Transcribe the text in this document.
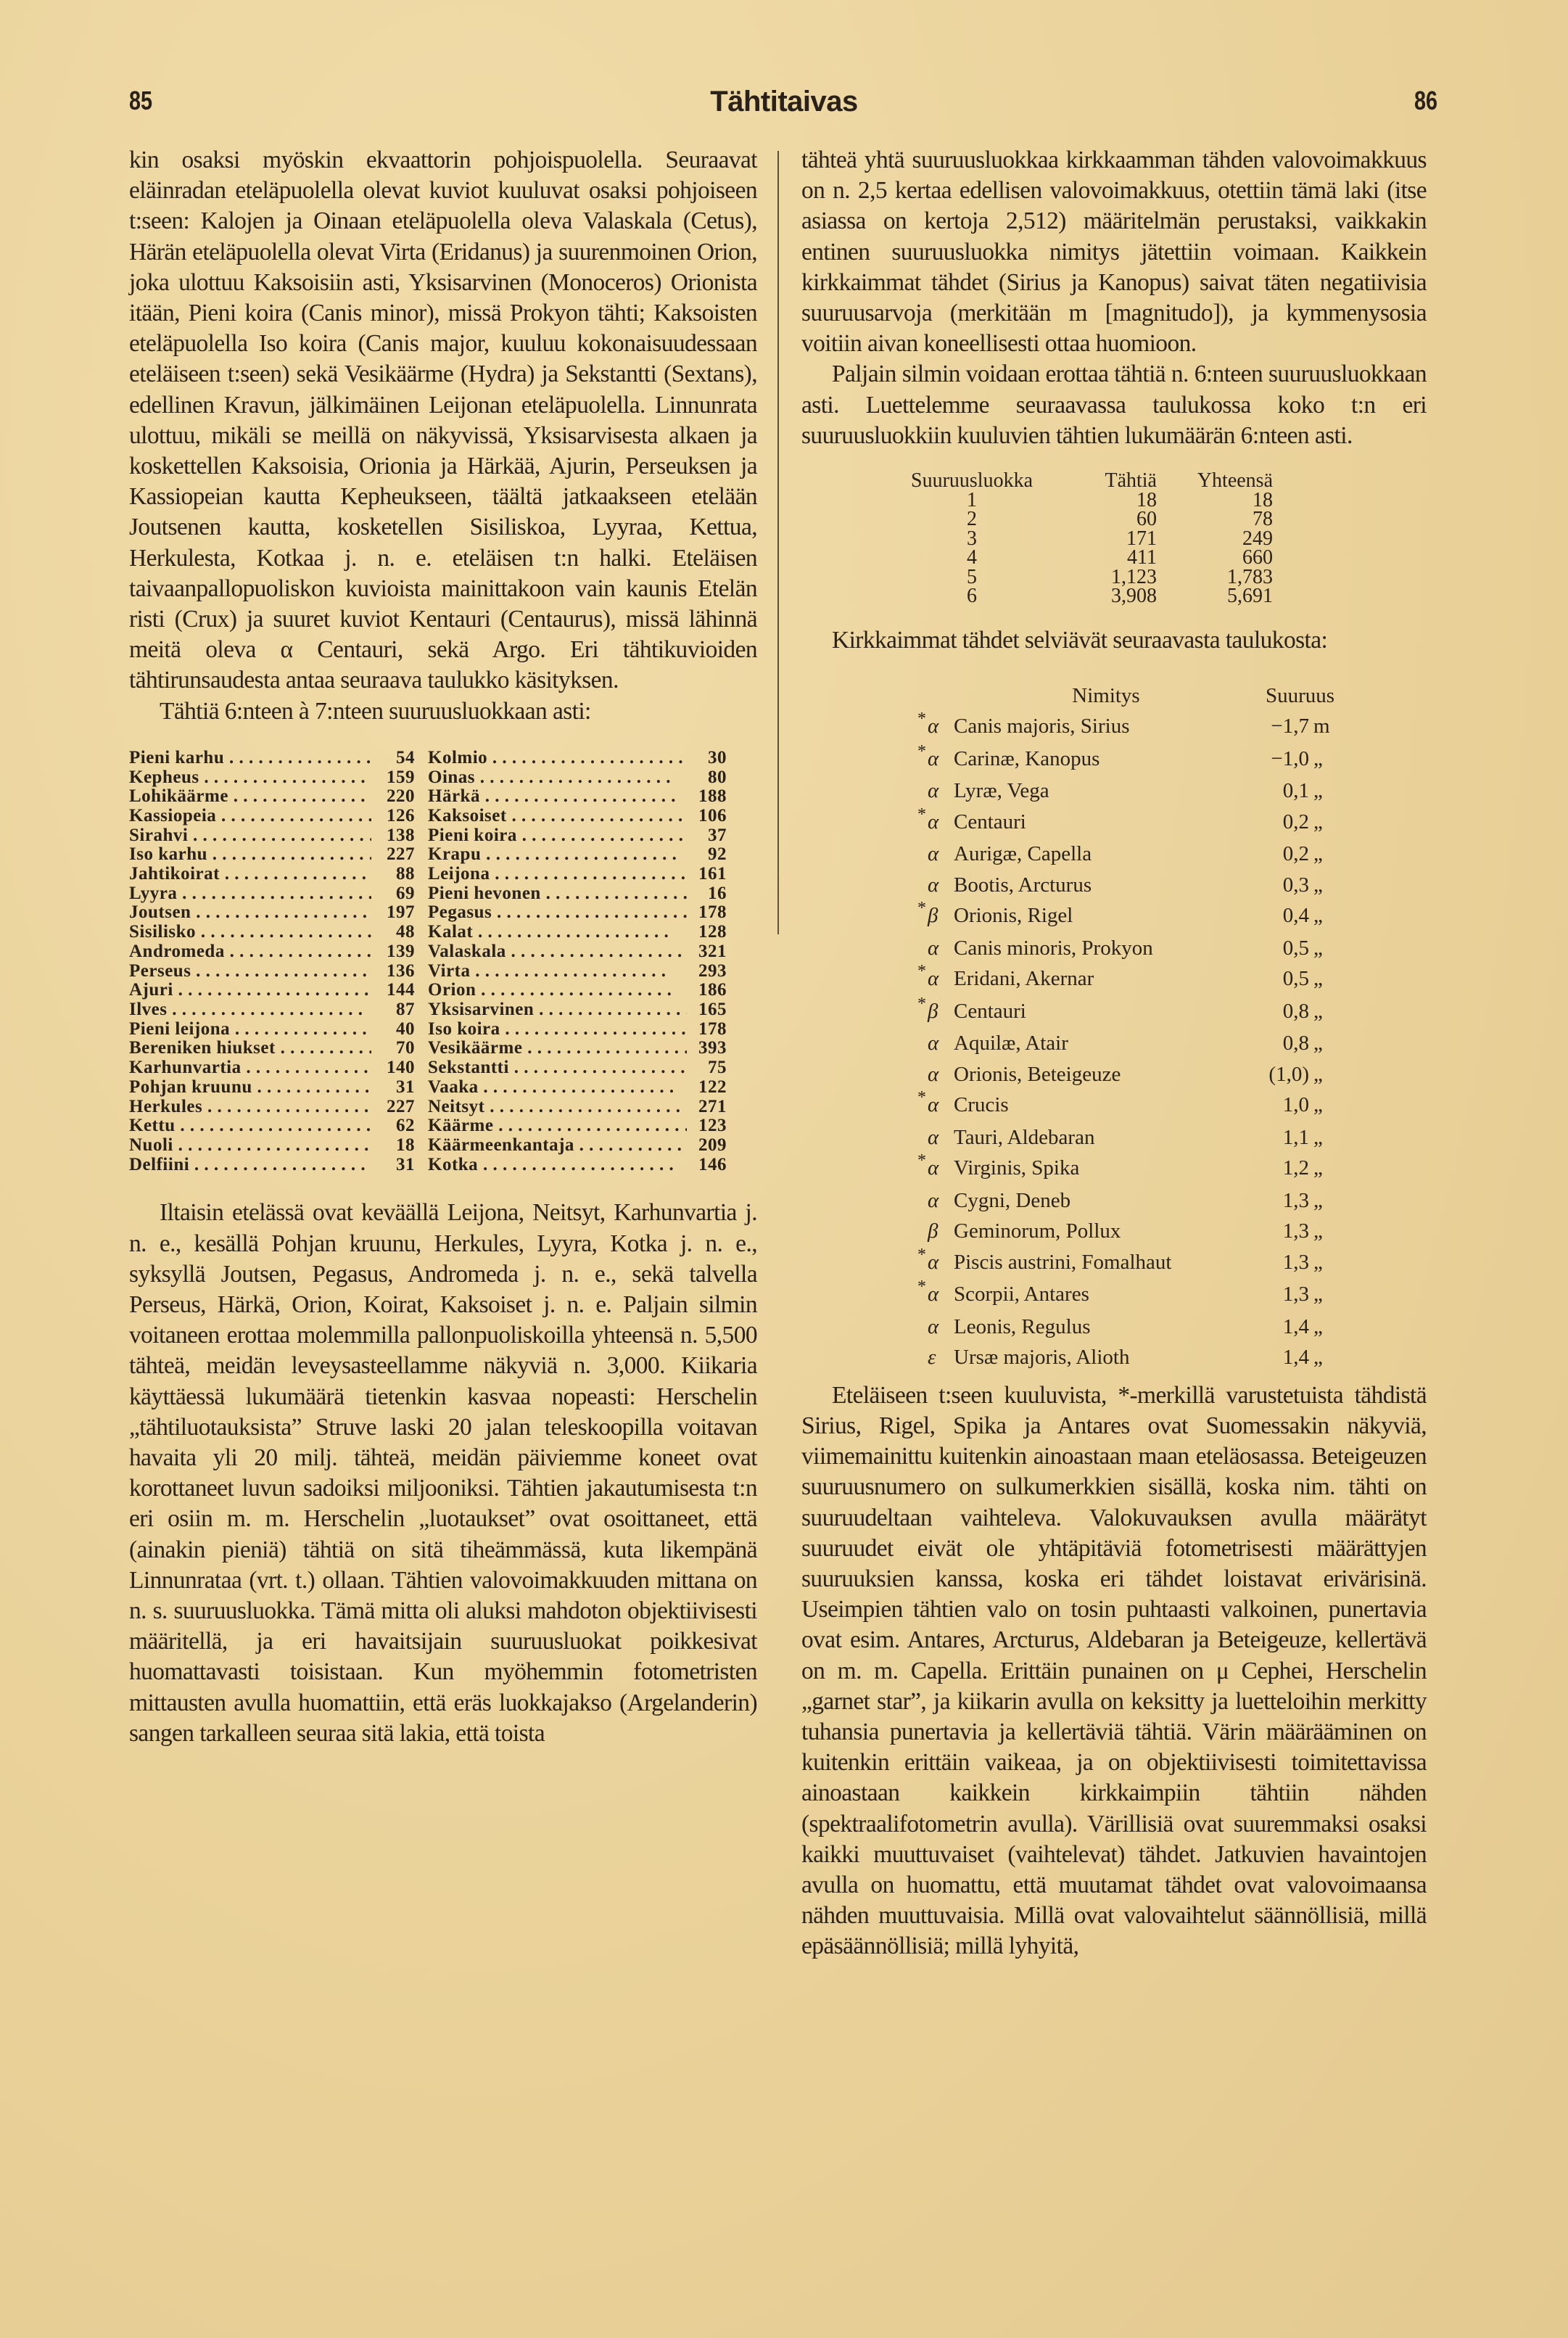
85	Tähtitaivas	86

kin osaksi myöskin ekvaattorin pohjoispuolella. Seuraavat eläinradan eteläpuolella olevat kuviot kuuluvat osaksi pohjoiseen t:seen: Kalojen ja Oinaan eteläpuolella oleva Valaskala (Cetus), Härän eteläpuolella olevat Virta (Eridanus) ja suurenmoinen Orion, joka ulottuu Kaksoisiin asti, Yksisarvinen (Monoceros) Orionista itään, Pieni koira (Canis minor), missä Prokyon tähti; Kaksoisten eteläpuolella Iso koira (Canis major, kuuluu kokonaisuudessaan eteläiseen t:seen) sekä Vesikäärme (Hydra) ja Sekstantti (Sextans), edellinen Kravun, jälkimäinen Leijonan eteläpuolella. Linnunrata ulottuu, mikäli se meillä on näkyvissä, Yksisarvisesta alkaen ja koskettellen Kaksoisia, Orionia ja Härkää, Ajurin, Perseuksen ja Kassiopeian kautta Kepheukseen, täältä jatkaakseen etelään Joutsenen kautta, kosketellen Sisiliskoa, Lyyraa, Kettua, Herkulesta, Kotkaa j. n. e. eteläisen t:n halki. Eteläisen taivaanpallopuoliskon kuvioista mainittakoon vain kaunis Etelän risti (Crux) ja suuret kuviot Kentauri (Centaurus), missä lähinnä meitä oleva α Centauri, sekä Argo. Eri tähtikuvioiden tähtirunsaudesta antaa seuraava taulukko käsityksen.

Tähtiä 6:nteen à 7:nteen suuruusluokkaan asti:

Pieni karhu . . .	54
Kepheus . . .	159
Lohikäärme . . .	220
Kassiopeia . . .	126
Sirahvi . . .	138
Iso karhu . . .	227
Jahtikoirat . . .	88
Lyyra . . .	69
Joutsen . . .	197
Sisilisko . . .	48
Andromeda . . .	139
Perseus . . .	136
Ajuri . . .	144
Ilves . . .	87
Pieni leijona . . .	40
Bereniken hiukset . . .	70
Karhunvartia . . .	140
Pohjan kruunu . . .	31
Herkules . . .	227
Kettu . . .	62
Nuoli . . .	18
Delfiini . . .	31
Kolmio . . .	30
Oinas . . .	80
Härkä . . .	188
Kaksoiset . . .	106
Pieni koira . . .	37
Krapu . . .	92
Leijona . . .	161
Pieni hevonen . . .	16
Pegasus . . .	178
Kalat . . .	128
Valaskala . . .	321
Virta . . .	293
Orion . . .	186
Yksisarvinen . . .	165
Iso koira . . .	178
Vesikäärme . . .	393
Sekstantti . . .	75
Vaaka . . .	122
Neitsyt . . .	271
Käärme . . .	123
Käärmeenkantaja . . .	209
Kotka . . .	146

Iltaisin etelässä ovat keväällä Leijona, Neitsyt, Karhunvartia j. n. e., kesällä Pohjan kruunu, Herkules, Lyyra, Kotka j. n. e., syksyllä Joutsen, Pegasus, Andromeda j. n. e., sekä talvella Perseus, Härkä, Orion, Koirat, Kaksoiset j. n. e. Paljain silmin voitaneen erottaa molemmilla pallonpuoliskoilla yhteensä n. 5,500 tähteä, meidän leveysasteellamme näkyviä n. 3,000. Kiikaria käyttäessä lukumäärä tietenkin kasvaa nopeasti: Herschelin „tähtiluotauksista” Struve laski 20 jalan teleskoopilla voitavan havaita yli 20 milj. tähteä, meidän päiviemme koneet ovat korottaneet luvun sadoiksi miljooniksi. Tähtien jakautumisesta t:n eri osiin m. m. Herschelin „luotaukset” ovat osoittaneet, että (ainakin pieniä) tähtiä on sitä tiheämmässä, kuta likempänä Linnunrataa (vrt. t.) ollaan. Tähtien valovoimakkuuden mittana on n. s. suuruusluokka. Tämä mitta oli aluksi mahdoton objektiivisesti määritellä, ja eri havaitsijain suuruusluokat poikkesivat huomattavasti toisistaan. Kun myöhemmin fotometristen mittausten avulla huomattiin, että eräs luokkajakso (Argelanderin) sangen tarkalleen seuraa sitä lakia, että toista

tähteä yhtä suuruusluokkaa kirkkaamman tähden valovoimakkuus on n. 2,5 kertaa edellisen valovoimakkuus, otettiin tämä laki (itse asiassa on kertoja 2,512) määritelmän perustaksi, vaikkakin entinen suuruusluokka nimitys jätettiin voimaan. Kaikkein kirkkaimmat tähdet (Sirius ja Kanopus) saivat täten negatiivisia suuruusarvoja (merkitään m [magnitudo]), ja kymmenysosia voitiin aivan koneellisesti ottaa huomioon.

Paljain silmin voidaan erottaa tähtiä n. 6:nteen suuruusluokkaan asti. Luettelemme seuraavassa taulukossa koko t:n eri suuruusluokkiin kuuluvien tähtien lukumäärän 6:nteen asti.

Suuruusluokka	Tähtiä	Yhteensä
1	18	18
2	60	78
3	171	249
4	411	660
5	1,123	1,783
6	3,908	5,691

Kirkkaimmat tähdet selviävät seuraavasta taulukosta:

Nimitys	Suuruus
* α Canis majoris, Sirius	−1,7 m
* α Carinæ, Kanopus	−1,0 „
α Lyræ, Vega	0,1 „
* α Centauri	0,2 „
α Aurigæ, Capella	0,2 „
α Bootis, Arcturus	0,3 „
* β Orionis, Rigel	0,4 „
α Canis minoris, Prokyon	0,5 „
* α Eridani, Akernar	0,5 „
* β Centauri	0,8 „
α Aquilæ, Atair	0,8 „
α Orionis, Beteigeuze	(1,0) „
* α Crucis	1,0 „
α Tauri, Aldebaran	1,1 „
* α Virginis, Spika	1,2 „
α Cygni, Deneb	1,3 „
β Geminorum, Pollux	1,3 „
* α Piscis austrini, Fomalhaut	1,3 „
* α Scorpii, Antares	1,3 „
α Leonis, Regulus	1,4 „
ε Ursæ majoris, Alioth	1,4 „

Eteläiseen t:seen kuuluvista, *-merkillä varustetuista tähdistä Sirius, Rigel, Spika ja Antares ovat Suomessakin näkyviä, viimemainittu kuitenkin ainoastaan maan eteläosassa. Beteigeuzen suuruusnumero on sulkumerkkien sisällä, koska nim. tähti on suuruudeltaan vaihteleva. Valokuvauksen avulla määrätyt suuruudet eivät ole yhtäpitäviä fotometrisesti määrättyjen suuruuksien kanssa, koska eri tähdet loistavat erivärisinä. Useimpien tähtien valo on tosin puhtaasti valkoinen, punertavia ovat esim. Antares, Arcturus, Aldebaran ja Beteigeuze, kellertävä on m. m. Capella. Erittäin punainen on μ Cephei, Herschelin „garnet star”, ja kiikarin avulla on keksitty ja luetteloihin merkitty tuhansia punertavia ja kellertäviä tähtiä. Värin määrääminen on kuitenkin erittäin vaikeaa, ja on objektiivisesti toimitettavissa ainoastaan kaikkein kirkkaimpiin tähtiin nähden (spektraalifotometrin avulla). Värillisiä ovat suuremmaksi osaksi kaikki muuttuvaiset (vaihtelevat) tähdet. Jatkuvien havaintojen avulla on huomattu, että muutamat tähdet ovat valovoimaansa nähden muuttuvaisia. Millä ovat valovaihtelut säännöllisiä, millä epäsäännöllisiä; millä lyhyitä,
